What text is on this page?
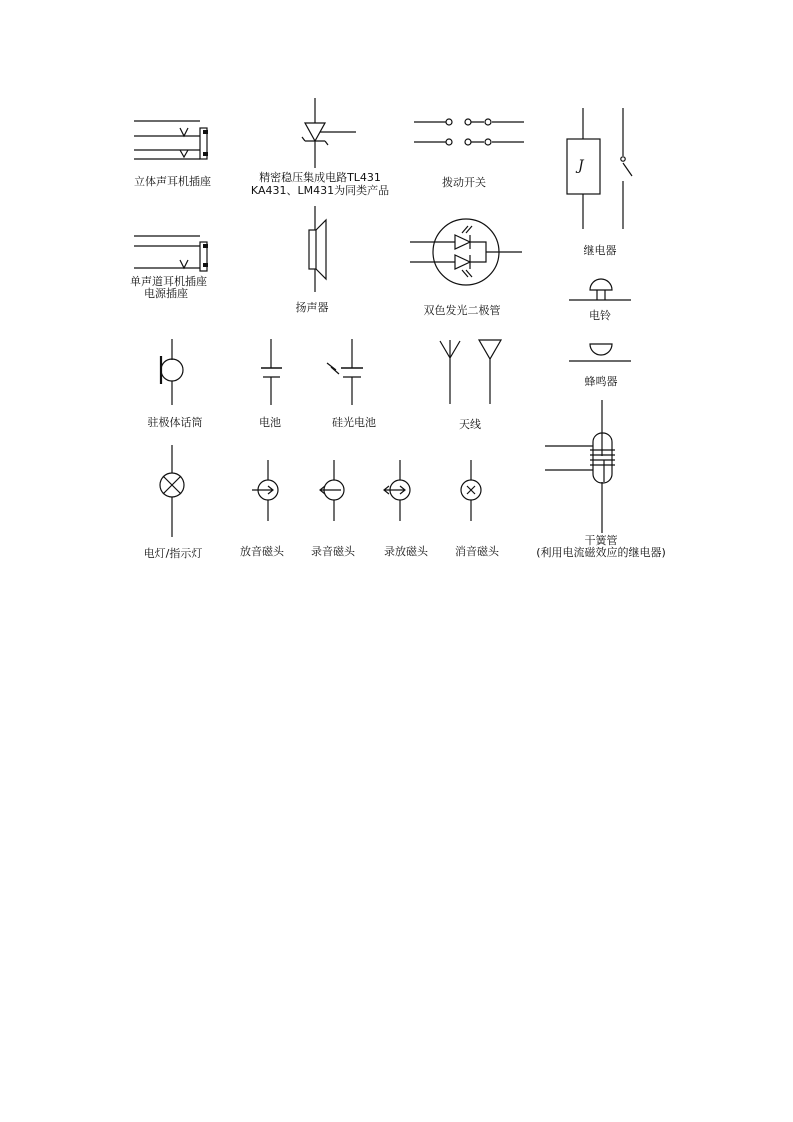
J
立体声耳机插座	精密稳压集成电路TL431
KA431、LM431为同类产品
拨动开关
继电器
单声道耳机插座
电源插座
扬声器	双色发光二极管	电铃
驻极体话筒	电池	硅光电池	天线
蜂鸣器
电灯/指示灯	放音磁头 录音磁头	录放磁头 消音磁头
干簧管
(利用电流磁效应的继电器)
